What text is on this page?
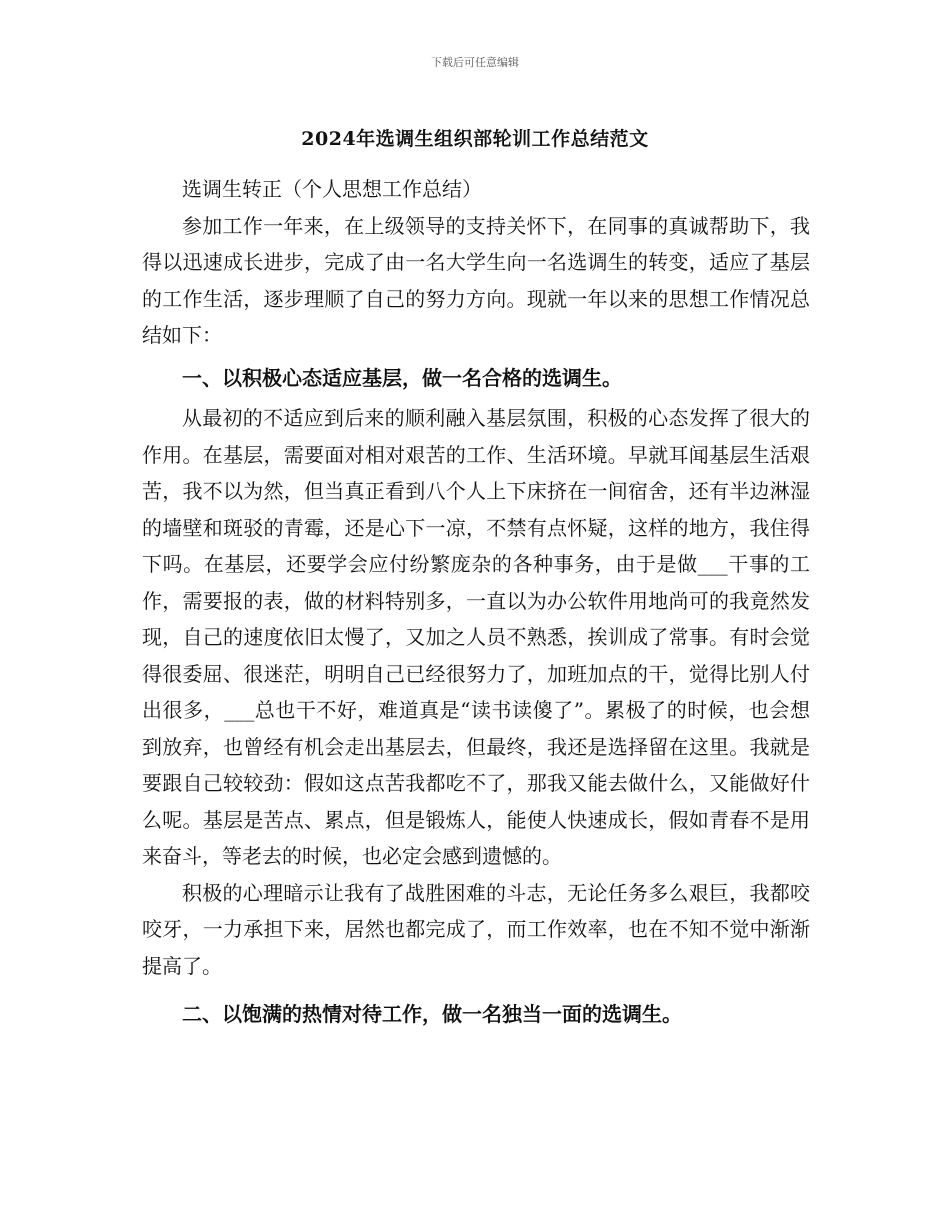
下载后可任意编辑
2024年选调生组织部轮训工作总结范文

选调生转正（个人思想工作总结）

参加工作一年来，在上级领导的支持关怀下，在同事的真诚帮助下，我得以迅速成长进步，完成了由一名大学生向一名选调生的转变，适应了基层的工作生活，逐步理顺了自己的努力方向。现就一年以来的思想工作情况总结如下：

一、以积极心态适应基层，做一名合格的选调生。

从最初的不适应到后来的顺利融入基层氛围，积极的心态发挥了很大的作用。在基层，需要面对相对艰苦的工作、生活环境。早就耳闻基层生活艰苦，我不以为然，但当真正看到八个人上下床挤在一间宿舍，还有半边淋湿的墙壁和斑驳的青霉，还是心下一凉，不禁有点怀疑，这样的地方，我住得下吗。在基层，还要学会应付纷繁庞杂的各种事务，由于是做___干事的工作，需要报的表，做的材料特别多，一直以为办公软件用地尚可的我竟然发现，自己的速度依旧太慢了，又加之人员不熟悉，挨训成了常事。有时会觉得很委屈、很迷茫，明明自己已经很努力了，加班加点的干，觉得比别人付出很多，___总也干不好，难道真是“读书读傻了”。累极了的时候，也会想到放弃，也曾经有机会走出基层去，但最终，我还是选择留在这里。我就是要跟自己较较劲：假如这点苦我都吃不了，那我又能去做什么，又能做好什么呢。基层是苦点、累点，但是锻炼人，能使人快速成长，假如青春不是用来奋斗，等老去的时候，也必定会感到遗憾的。

积极的心理暗示让我有了战胜困难的斗志，无论任务多么艰巨，我都咬咬牙，一力承担下来，居然也都完成了，而工作效率，也在不知不觉中渐渐提高了。

二、以饱满的热情对待工作，做一名独当一面的选调生。
